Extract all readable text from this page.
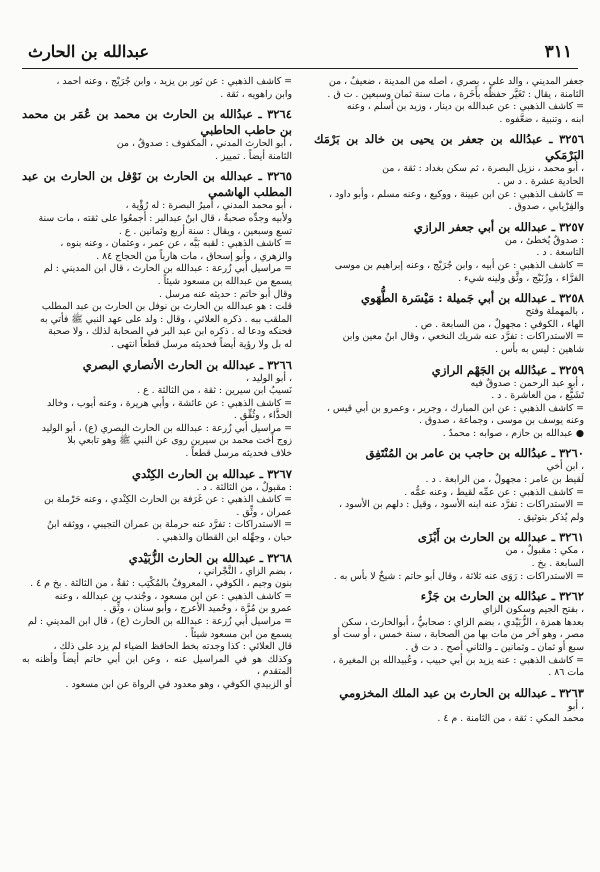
٣١١
عبدالله بن الحارث
جعفر المديني ، والد علي ، بصري ، أصله من المدينة ، ضعيفٌ ، من
الثامنة ، يقال : تَغَيَّر حفظُه بأَخَرة ، مات سنة ثمان وسبعين . ت ق .
= كاشف الذهبي : عن عبدالله بن دينار ، وزيد بن أسلم ، وعنه
ابنه ، وتنبية ، ضعَّفوه .
٣٢٥٦ ـ عبدُالله بن جعفر بن يحيى بن خالد بن بَرْمَك البَرْمَكي
، أبو محمد ، نزيل البصرة ، ثم سكن بغداد : ثقة ، من
الحادية عشرة . د س .
= كاشف الذهبي : عن ابن عيينة ، ووكيع ، وعنه مسلم ، وأبو داود ،
والفِرْيابي ، صدوق .
٣٢٥٧ ـ عبدالله بن أبي جعفر الرازي
: صدوقٌ يُخطئ ، من
التاسعة . د .
= كاشف الذهبي : عن أبيه ، وابن جُرَيْج ، وعنه إبراهيم بن موسى
الفرَّاء ، وزُنَيْج ، وثَّق ولينه شيء .
٣٢٥٨ ـ عبدالله بن أبي جَميلة : مَيْسَرة الطُّهَوي
، بالمهملة وفتح
الهاء ، الكوفي : مجهولٌ ، من السابعة . ص .
= الاستدراكات : تفرَّد عنه شريك النخعي ، وقال ابنُ معين وابن
شاهين : ليس به بأس .
٣٢٥٩ ـ عبدُالله بن الجَهْم الرازي
، أبو عبد الرحمن : صدوقٌ فيه
تَشَيُّع ، من العاشرة . د .
= كاشف الذهبي : عن ابن المبارك ، وجرير ، وعمرو بن أبي قيس ،
وعنه يوسف بن موسى ، وجماعة ، صدوق .
● عبدالله بن حازم ، صوابه : محمدٌ .
٣٢٦٠ ـ عبدُالله بن حاجب بن عامر بن المُنْتَفِق
، ابن أخي
لَقيط بن عامر : مجهولٌ ، من الرابعة . د .
= كاشف الذهبي : عن عمِّه لقيط ، وعنه عمُّه .
= الاستدراكات : تفرَّد عنه ابنه الأسود ، وقيل : دلهم بن الأسود ،
ولم يُذكر بتوثيق .
٣٢٦١ ـ عبدالله بن الحارث بن أَبْزَى
، مكي : مقبولٌ ، من
السابعة . بخ .
= الاستدراكات : رَوَى عنه ثلاثة ، وقال أبو حاتم : شيخٌ لا بأس به .
٣٢٦٢ ـ عبدُالله بن الحارث بن جَزْء
، بفتح الجيم وسكون الزاي
بعدها همزة ، الزُّبَيْدي ، بضم الزاي : صحابيٌّ ، أبوالحارث ، سكن
مصر ، وهو آخر من مات بها من الصحابة ، سنة خمس ، أو ست أو
سبع أو ثمان ـ وثمانين ـ والثاني أصح . د ت ق .
= كاشف الذهبي : عنه يزيد بن أبي حبيب ، وعُبيدالله بن المغيرة ،
مات ٨٦ .
٣٢٦٣ ـ عبدالله بن الحارث بن عبد الملك المخزومي
، أبو
محمد المكي : ثقة ، من الثامنة . م ٤ .
= كاشف الذهبي : عن ثور بن يزيد ، وابن جُرَيْج ، وعنه أحمد ،
وابن راهويه ، ثقة .
٣٢٦٤ ـ عبدُالله بن الحارث بن محمد بن عُمَر بن محمد بن حاطب الحاطبي
، أبو الحارث المدني ، المكفوف : صدوقٌ ، من
الثامنة أيضاً . تمييز .
٣٢٦٥ ـ عبدالله بن الحارث بن نَوْفل بن الحارث بن عبد المطلب الهاشمي
، أبو محمد المدني ، أميرُ البصرة : له رُؤْية ،
ولأبيه وجدِّه صحبةٌ ، قال ابنُ عبدالبر : أجمعُوا على ثقته ، مات سنة
تسع وسبعين ، ويقال : سنة أربع وثمانين . ع .
= كاشف الذهبي : لقبه بَبَّه ، عن عمر ، وعثمان ، وعنه بنوه ،
والزهري ، وأبو إسحاق ، مات هارباً من الحجاج ٨٤ .
= مراسيل أبي زُرعة : عبدالله بن الحارث ، قال ابن المديني : لم
يسمع من عبدالله بن مسعود شيئاً .
وقال أبو حاتم : حديثه عنه مرسل .
قلت : هو عبدالله بن الحارث بن نوفل بن الحارث بن عبد المطلب
الملقب ببه . ذكره العلائي ، وقال : ولد على عهد النبي ﷺ فأتي به
فحنكه ودعا له . ذكره ابن عبد البر في الصحابة لذلك ، ولا صحبة
له بل ولا رؤية أيضاً فحديثه مرسل قطعاً انتهى .
٣٢٦٦ ـ عبدالله بن الحارث الأنصاري البصري
، أبو الوليد ،
نَسيبُ ابن سيرين : ثقة ، من الثالثة . ع .
= كاشف الذهبي : عن عائشة ، وأبي هريرة ، وعنه أيوب ، وخالد
الحذَّاء ، وثُقِّق .
= مراسيل أبي زُرعة : عبدالله بن الحارث البصري (ع) ، أبو الوليد
زوج أخت محمد بن سيرين روى عن النبي ﷺ وهو تابعي بلا
خلاف فحديثه مرسل قطعاً .
٣٢٦٧ ـ عبدالله بن الحارث الكِنْدي
: مقبولٌ ، من الثالثة . د .
= كاشف الذهبي : عن غَرَفة بن الحارث الكِنْدي ، وعنه حَرْملة بن
عمران ، وثِّق .
= الاستدراكات : تفرَّد عنه حرملة بن عمران التجيبي ، ووثقه ابنُ
حبان ، وجهِّله ابن القطان والذهبي .
٣٢٦٨ ـ عبدالله بن الحارث الزُّبَيْدي
، بضم الزاي ، النَّجْراني ،
بنون وجيم ، الكوفي ، المعروفُ بالمُكْتِب : ثقةٌ ، من الثالثة . بخ م ٤ .
= كاشف الذهبي : عن ابن مسعود ، وجُندب بن عبدالله ، وعنه
عمرو بن مُرَّة ، وحُميد الأعرج ، وأبو سنان ، وثِّق .
= مراسيل أبي زُرعة : عبدالله بن الحارث (ع) ، قال ابن المديني : لم
يسمع من ابن مسعود شيئاً .
قال العلائي : كذا وجدته بخط الحافظ الضياء لم يزد على ذلك ،
وكذلك هو في المراسيل عنه ، وعن ابن أبي حاتم أيضاً وأظنه به المتقدم ،
أو الزبيدي الكوفي ، وهو معدود في الرواة عن ابن مسعود .
